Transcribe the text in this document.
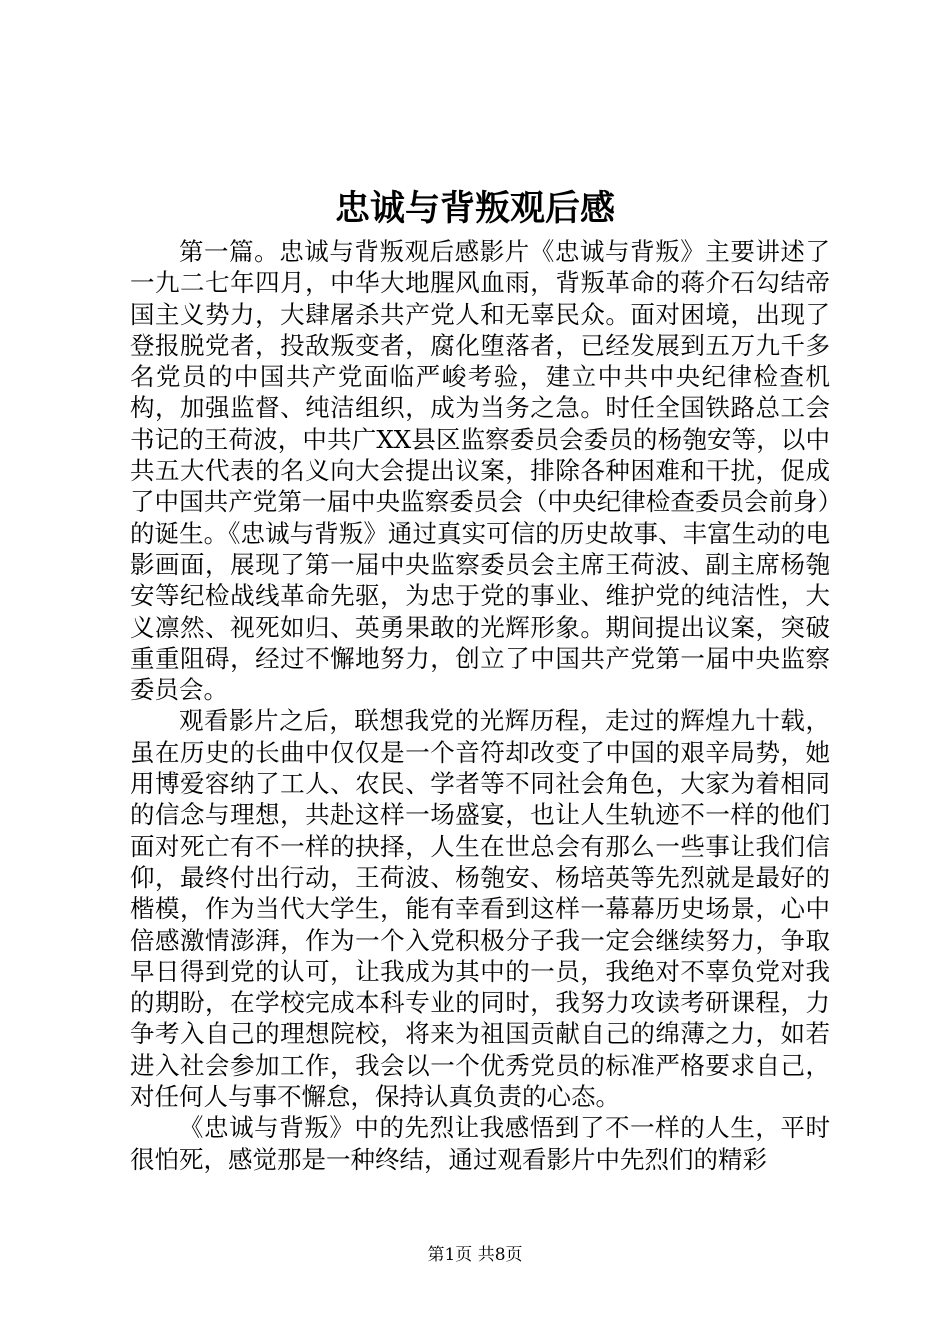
忠诚与背叛观后感

第一篇。忠诚与背叛观后感影片《忠诚与背叛》主要讲述了一九二七年四月，中华大地腥风血雨，背叛革命的蒋介石勾结帝国主义势力，大肆屠杀共产党人和无辜民众。面对困境，出现了登报脱党者，投敌叛变者，腐化堕落者，已经发展到五万九千多名党员的中国共产党面临严峻考验，建立中共中央纪律检查机构，加强监督、纯洁组织，成为当务之急。时任全国铁路总工会书记的王荷波，中共广XX县区监察委员会委员的杨匏安等，以中共五大代表的名义向大会提出议案，排除各种困难和干扰，促成了中国共产党第一届中央监察委员会（中央纪律检查委员会前身）的诞生。《忠诚与背叛》通过真实可信的历史故事、丰富生动的电影画面，展现了第一届中央监察委员会主席王荷波、副主席杨匏安等纪检战线革命先驱，为忠于党的事业、维护党的纯洁性，大义凛然、视死如归、英勇果敢的光辉形象。期间提出议案，突破重重阻碍，经过不懈地努力，创立了中国共产党第一届中央监察委员会。

观看影片之后，联想我党的光辉历程，走过的辉煌九十载，虽在历史的长曲中仅仅是一个音符却改变了中国的艰辛局势，她用博爱容纳了工人、农民、学者等不同社会角色，大家为着相同的信念与理想，共赴这样一场盛宴，也让人生轨迹不一样的他们面对死亡有不一样的抉择，人生在世总会有那么一些事让我们信仰，最终付出行动，王荷波、杨匏安、杨培英等先烈就是最好的楷模，作为当代大学生，能有幸看到这样一幕幕历史场景，心中倍感激情澎湃，作为一个入党积极分子我一定会继续努力，争取早日得到党的认可，让我成为其中的一员，我绝对不辜负党对我的期盼，在学校完成本科专业的同时，我努力攻读考研课程，力争考入自己的理想院校，将来为祖国贡献自己的绵薄之力，如若进入社会参加工作，我会以一个优秀党员的标准严格要求自己，对任何人与事不懈怠，保持认真负责的心态。

《忠诚与背叛》中的先烈让我感悟到了不一样的人生，平时很怕死，感觉那是一种终结，通过观看影片中先烈们的精彩

第1页 共8页
